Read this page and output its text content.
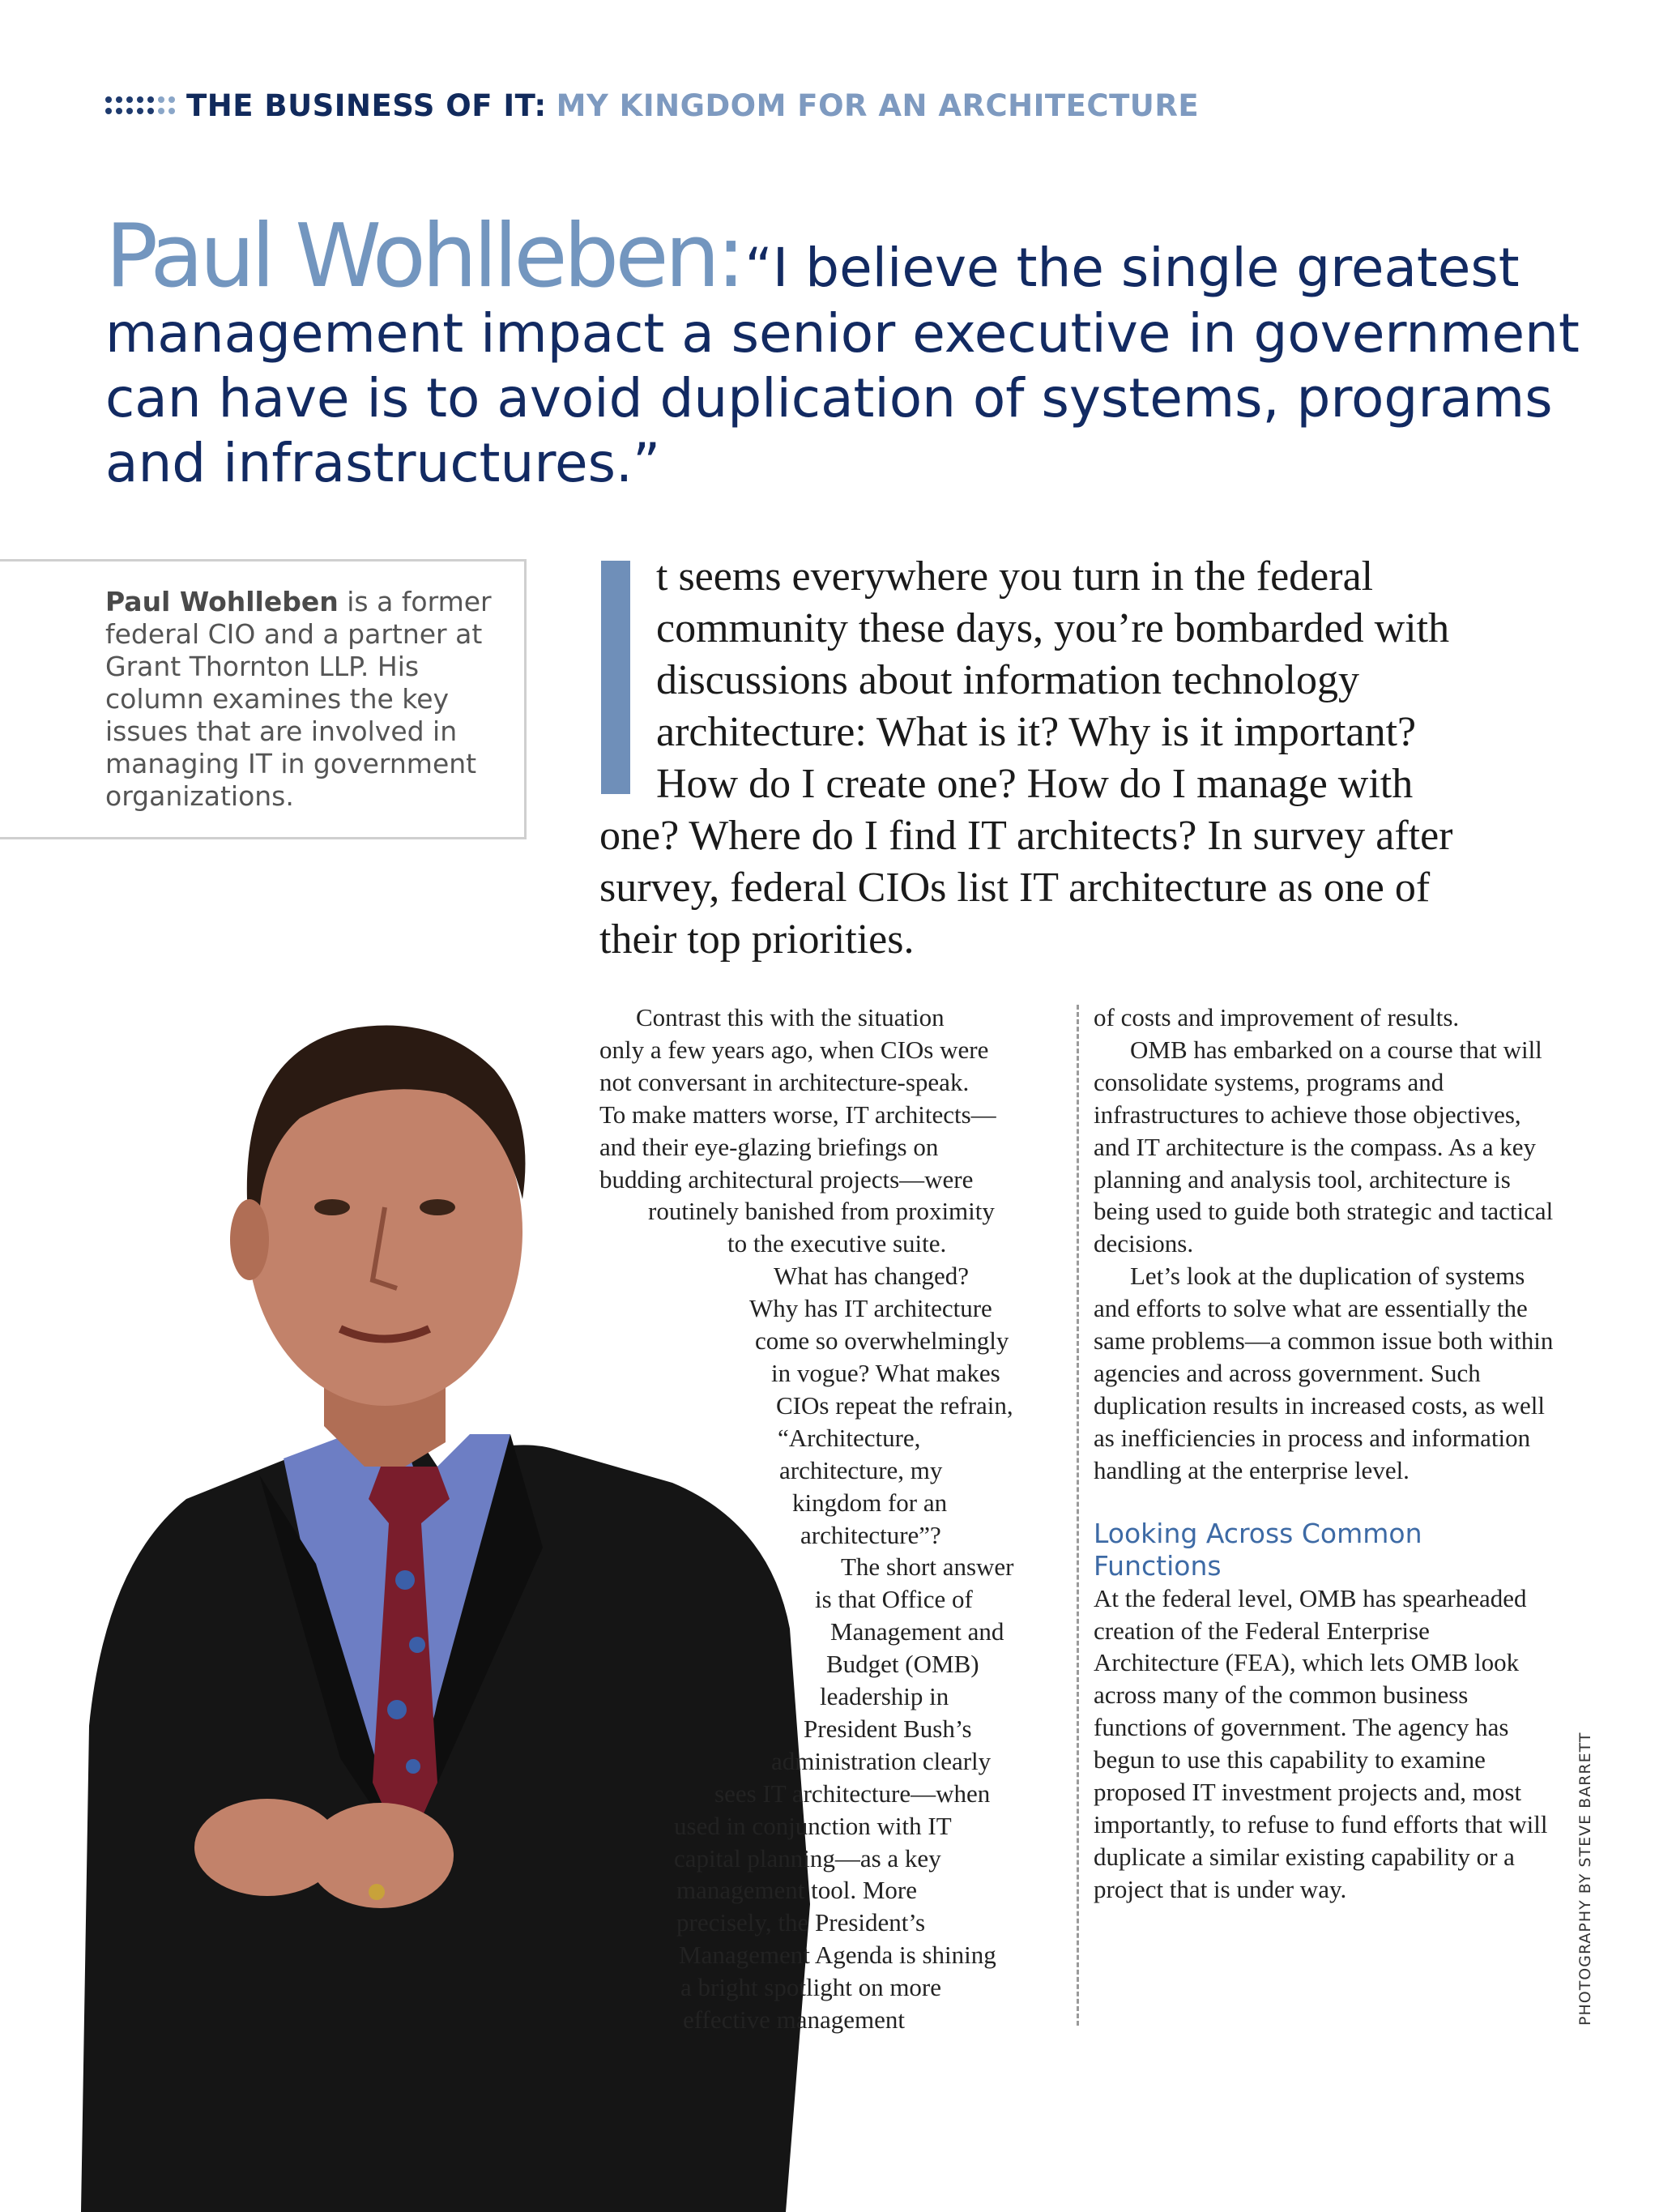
THE BUSINESS OF IT: MY KINGDOM FOR AN ARCHITECTURE
Paul Wohlleben: “I believe the single greatest
management impact a senior executive in government
can have is to avoid duplication of systems, programs
and infrastructures.”

Paul Wohlleben is a former federal CIO and a partner at Grant Thornton LLP. His column examines the key issues that are involved in managing IT in government organizations.

t seems everywhere you turn in the federal
community these days, you’re bombarded with
discussions about information technology
architecture: What is it? Why is it important?
How do I create one? How do I manage with
one? Where do I find IT architects? In survey after
survey, federal CIOs list IT architecture as one of
their top priorities.
Contrast this with the situation
only a few years ago, when CIOs were
not conversant in architecture-speak.
To make matters worse, IT architects—
and their eye-glazing briefings on
budding architectural projects—were
routinely banished from proximity
to the executive suite.
What has changed?
Why has IT architecture
come so overwhelmingly
in vogue? What makes
CIOs repeat the refrain,
“Architecture,
architecture, my
kingdom for an
architecture”?
The short answer
is that Office of
Management and
Budget (OMB)
leadership in
President Bush’s
administration clearly
sees IT architecture—when
used in conjunction with IT
capital planning—as a key
management tool. More
precisely, the President’s
Management Agenda is shining
a bright spotlight on more
effective management

of costs and improvement of results.

OMB has embarked on a course that will consolidate systems, programs and infrastructures to achieve those objectives, and IT architecture is the compass. As a key planning and analysis tool, architecture is being used to guide both strategic and tactical decisions.

Let’s look at the duplication of systems and efforts to solve what are essentially the same problems—a common issue both within agencies and across government. Such duplication results in increased costs, as well as inefficiencies in process and information handling at the enterprise level.

Looking Across Common Functions

At the federal level, OMB has spearheaded creation of the Federal Enterprise Architecture (FEA), which lets OMB look across many of the common business functions of government. The agency has begun to use this capability to examine proposed IT investment projects and, most importantly, to refuse to fund efforts that will duplicate a similar existing capability or a project that is under way.	PHOTOGRAPHY BY STEVE BARRETT
